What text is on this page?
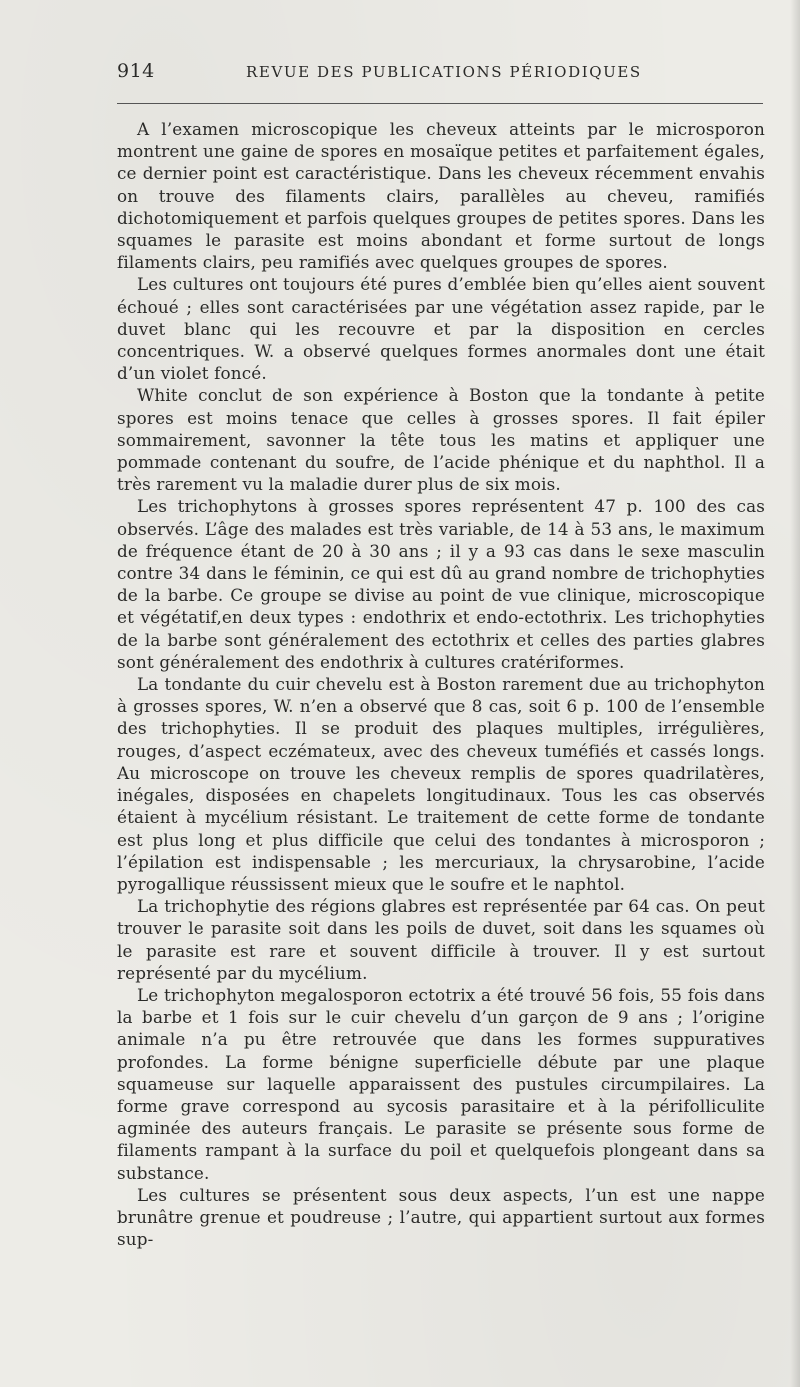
914	REVUE DES PUBLICATIONS PÉRIODIQUES

A l’examen microscopique les cheveux atteints par le microsporon montrent une gaine de spores en mosaïque petites et parfaitement égales, ce dernier point est caractéristique. Dans les cheveux récemment envahis on trouve des filaments clairs, parallèles au cheveu, ramifiés dichotomiquement et parfois quelques groupes de petites spores. Dans les squames le parasite est moins abondant et forme surtout de longs filaments clairs, peu ramifiés avec quelques groupes de spores.

Les cultures ont toujours été pures d’emblée bien qu’elles aient souvent échoué ; elles sont caractérisées par une végétation assez rapide, par le duvet blanc qui les recouvre et par la disposition en cercles concentriques. W. a observé quelques formes anormales dont une était d’un violet foncé.

White conclut de son expérience à Boston que la tondante à petite spores est moins tenace que celles à grosses spores. Il fait épiler sommairement, savonner la tête tous les matins et appliquer une pommade contenant du soufre, de l’acide phénique et du naphthol. Il a très rarement vu la maladie durer plus de six mois.

Les trichophytons à grosses spores représentent 47 p. 100 des cas observés. L’âge des malades est très variable, de 14 à 53 ans, le maximum de fréquence étant de 20 à 30 ans ; il y a 93 cas dans le sexe masculin contre 34 dans le féminin, ce qui est dû au grand nombre de trichophyties de la barbe. Ce groupe se divise au point de vue clinique, microscopique et végétatif,en deux types : endothrix et endo-ectothrix. Les trichophyties de la barbe sont généralement des ectothrix et celles des parties glabres sont généralement des endothrix à cultures cratériformes.

La tondante du cuir chevelu est à Boston rarement due au trichophyton à grosses spores, W. n’en a observé que 8 cas, soit 6 p. 100 de l’ensemble des trichophyties. Il se produit des plaques multiples, irrégulières, rouges, d’aspect eczémateux, avec des cheveux tuméfiés et cassés longs. Au microscope on trouve les cheveux remplis de spores quadrilatères, inégales, disposées en chapelets longitudinaux. Tous les cas observés étaient à mycélium résistant. Le traitement de cette forme de tondante est plus long et plus difficile que celui des tondantes à microsporon ; l’épilation est indispensable ; les mercuriaux, la chrysarobine, l’acide pyrogallique réussissent mieux que le soufre et le naphtol.

La trichophytie des régions glabres est représentée par 64 cas. On peut trouver le parasite soit dans les poils de duvet, soit dans les squames où le parasite est rare et souvent difficile à trouver. Il y est surtout représenté par du mycélium.

Le trichophyton megalosporon ectotrix a été trouvé 56 fois, 55 fois dans la barbe et 1 fois sur le cuir chevelu d’un garçon de 9 ans ; l’origine animale n’a pu être retrouvée que dans les formes suppuratives profondes. La forme bénigne superficielle débute par une plaque squameuse sur laquelle apparaissent des pustules circumpilaires. La forme grave correspond au sycosis parasitaire et à la périfolliculite agminée des auteurs français. Le parasite se présente sous forme de filaments rampant à la surface du poil et quelquefois plongeant dans sa substance.

Les cultures se présentent sous deux aspects, l’un est une nappe brunâtre grenue et poudreuse ; l’autre, qui appartient surtout aux formes sup-
